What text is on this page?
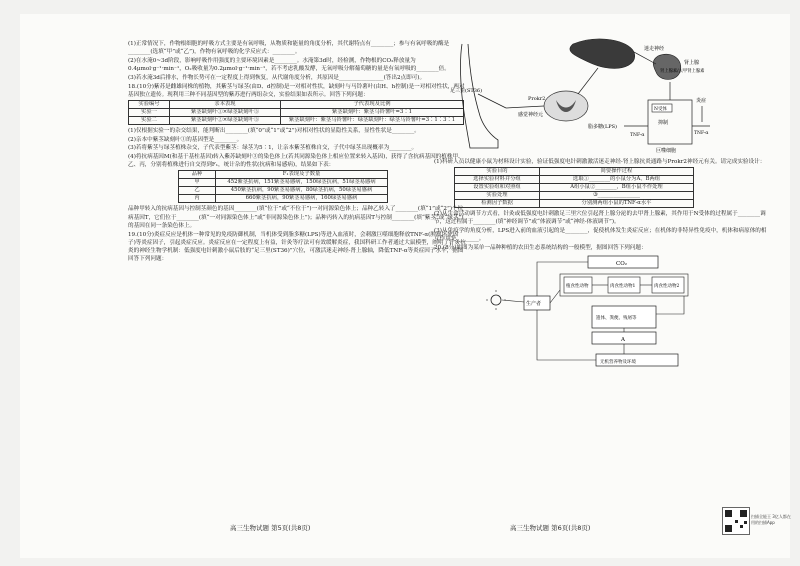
(1)正常情况下，作物根细胞的呼吸方式主要是有氧呼吸，从物质和能量的角度分析，其代谢特点有________；参与有氧呼吸的酶是________(选填“甲”或“乙”)，作物有氧呼吸的化学反应式：________。

(2)在水淹0~3d阶段，影响呼吸作用强度的主要环境因素是________。水淹第3d时，经检测，作物根的CO₂释放量为0.4μmol·g⁻¹·min⁻¹，O₂吸收量为0.2μmol·g⁻¹·min⁻¹，若不考虑乳酸发酵，无氧呼吸分解葡萄糖的量是有氧呼吸的________倍。

(3)若水淹3d后排水，作物长势可在一定程度上得到恢复，从代谢角度分析，其原因是________________(答出2点即可)。

18.(10分)紫苏是雌雄同株的植物，其紫茎与绿茎(由D、d控制)是一对相对性状，缺刻叶与马铃薯叶(由H、h控制)是一对相对性状，两对基因独立遗传。现利用三种不同基因型的紫苏进行两组杂交，实验结果如表所示。回答下列问题：

实验编号	亲本表现	子代表现及比例
实验一	紫茎缺刻叶①×绿茎缺刻叶③	紫茎缺刻叶：紫茎马铃薯叶=3∶1
实验二	紫茎缺刻叶②×绿茎缺刻叶③	紫茎缺刻叶：紫茎马铃薯叶：绿茎缺刻叶：绿茎马铃薯叶=3∶1∶3∶1

(1)仅根据实验一的杂交结果，能判断出________(填“0”或“1”或“2”)对相对性状的显隐性关系，显性性状是________。

(2)亲本中紫茎缺刻叶①的基因型是________。

(3)若将紫茎与绿茎植株杂交，子代表型紫茎：绿茎为5∶1，让亲本紫茎植株自交，子代中绿茎出现概率为________。

(4)将抗病基因M(和基于基柱基因)转入紫苏缺刻叶③的染色体上(若其同源染色体上相应位置来转入基因)，获得了含抗病基因的植株甲、乙、丙，分别将植株进行自交得到F₁，统计杂的性状(抗病和易感病)，结果如下表：

品种	F₁表现及子数量
甲	452紫茎抗病，151紫茎易感病，150绿茎抗病，51绿茎易感病
乙	450紫茎抗病，90紫茎易感病，80绿茎抗病，50绿茎易感病
丙	660紫茎抗病，90紫茎易感病，160绿茎易感病

品种甲转入的抗病基因与控制茎颜色的基因________(填“位于”或“不位于”)一对同源染色体上；品种乙转入了________(填“1”或“2”)个抗病基因T，它们位于________(填“一对同源染色体上”或“非同源染色体上”)；品种丙转入的抗病基因T与控制________(填“紫茎”或“绿茎”)的基因在同一条染色体上。

19.(10分)炎症反应是机体一种常见的免疫防御机制，当机体受到脂多糖(LPS)等进入血液时，会刺激巨噬细胞释放TNF-α(肿瘤坏死因子)等炎症因子，引起炎症反应。炎症反应在一定程度上有益，针灸等疗法可有效缓解炎症，我国科研工作者通过大鼠模型，阐明了针灸抗炎的神经生物学机制：低强度电针刺激小鼠后肢的“足三里(ST36)”穴位，可激活迷走神经-肾上腺轴，降低TNF-α等炎症因子水平，据图回答下列问题：

高三生物试题 第5页(共8页)
足三里(ST36)
Prokr2
感觉神经元
迷走神经
肾上腺
肾上腺素/去甲肾上腺素
N受体
抑制
脂多糖(LPS)
TNF-α	TNF-α
炎症
巨噬细胞

(1)科研人员以健康小鼠为材料设计实验，验证低强度电针刺激激活迷走神经-肾上腺抗炎通路与Prokr2神经元有关。请完成实验设计：

实验目的	简要操作过程
选择实验材料并分组	选取①________的小鼠分为A、B两组
设置实验组和对照组	A组小鼠②________，B组小鼠不作处理
实验处理	③________________
检测因子数据	分别测两组小鼠的TNF-α水平

(2)从生命活动调节方式看，针灸或低强度电针刺激足三里穴位引起肾上腺分泌的去甲肾上腺素，其作用于N受体的过程属于________调节，这过程属于________(填“神经调节”或“体液调节”或“神经-体液调节”)。

(3)从免疫学的角度分析，LPS进入前的血液引起的是________，促使机体发生炎症反应；在机体的非特异性免疫中，机体和病原体的相互作用是________。

20.(8分)如图为某单一品种种植的农田生态系统结构的一般模型，据图回答下列问题：

CO₂
植食性动物	肉食性动物1	肉食性动物2
生产者
遗体、粪便、残屑等
A
无机营养物及环境
高三生物试题 第6页(共8页)
扫描全能王 3亿人都在用的扫描App
